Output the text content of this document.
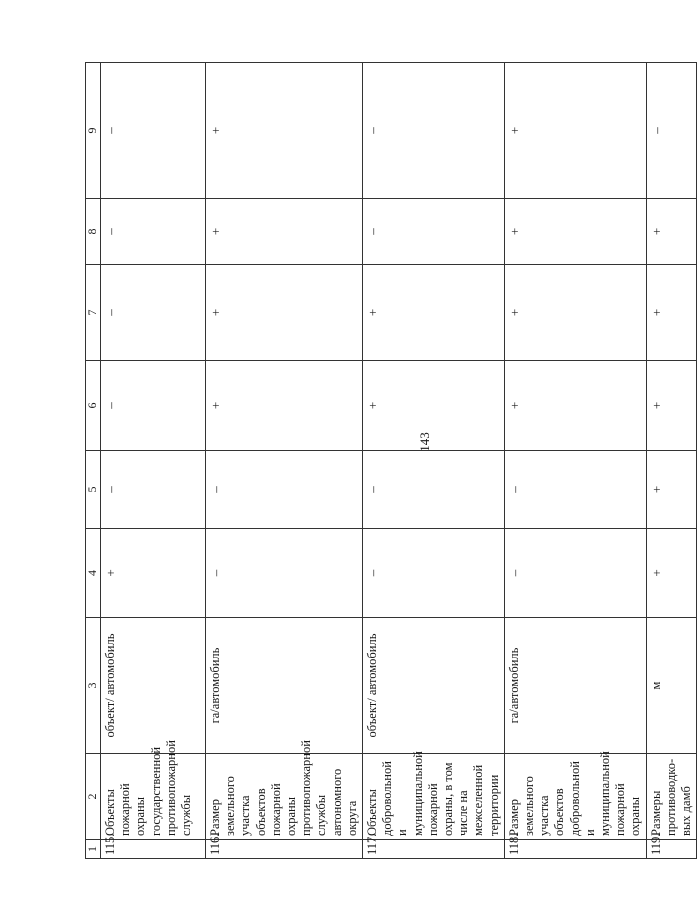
143
1	2	3	4	5	6	7	8	9
115.	Объекты пожарной охраны государственной противопожарной службы	объект/ автомобиль	+	–	–	–	–	–
116.	Размер земельного участка объектов пожарной охраны противопожарной службы автономного округа	га/автомобиль	–	–	+	+	+	+
117.	Объекты добровольной и муниципальной пожарной охраны, в том числе на межселенной территории	объект/ автомобиль	–	–	+	+	–	–
118.	Размер земельного участка объектов добровольной и муниципальной пожарной охраны	га/автомобиль	–	–	+	+	+	+
119.	Размеры противоводко-вых дамб	м	+	+	+	+	+	–
